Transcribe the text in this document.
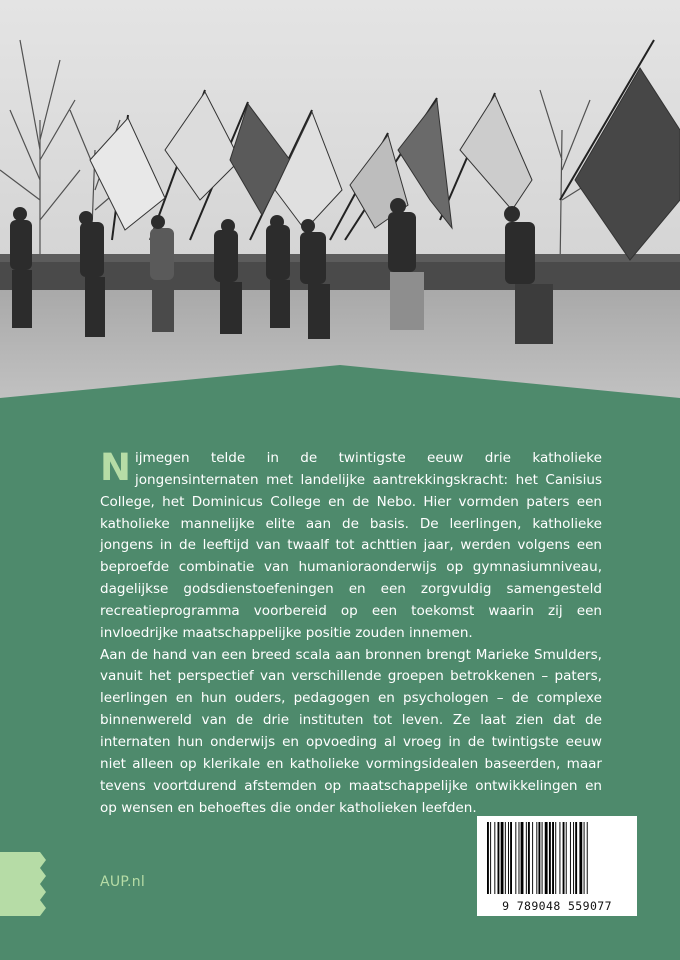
Nijmegen telde in de twintigste eeuw drie katholieke jongensinternaten met landelijke aantrekkingskracht: het Canisius College, het Dominicus College en de Nebo. Hier vormden paters een katholieke mannelijke elite aan de basis. De leerlingen, katholieke jongens in de leeftijd van twaalf tot achttien jaar, werden volgens een beproefde combinatie van humanioraonderwijs op gymnasiumniveau, dagelijkse godsdienstoefeningen en een zorgvuldig samengesteld recreatieprogramma voorbereid op een toekomst waarin zij een invloedrijke maatschappelijke positie zouden innemen.

Aan de hand van een breed scala aan bronnen brengt Marieke Smulders, vanuit het perspectief van verschillende groepen betrokkenen – paters, leerlingen en hun ouders, pedagogen en psychologen – de complexe binnenwereld van de drie instituten tot leven. Ze laat zien dat de internaten hun onderwijs en opvoeding al vroeg in de twintigste eeuw niet alleen op klerikale en katholieke vormingsidealen baseerden, maar tevens voortdurend afstemden op maatschappelijke ontwikkelingen en op wensen en behoeftes die onder katholieken leefden.

AUP.nl
9 789048 559077
